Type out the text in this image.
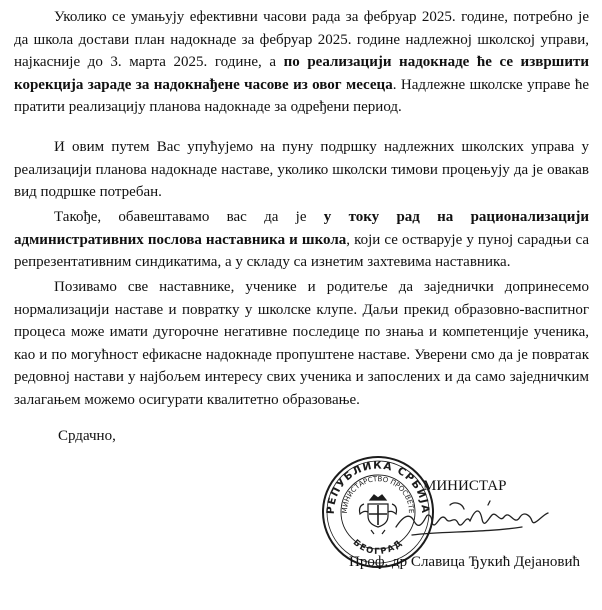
Уколико се умањују ефективни часови рада за фебруар 2025. године, потребно је да школа достави план надокнаде за фебруар 2025. године надлежној школској управи, најкасније до 3. марта 2025. године, а по реализацији надокнаде ће се извршити корекција зараде за надокнађене часове из овог месеца. Надлежне школске управе ће пратити реализацију планова надокнаде за одређени период.

И овим путем Вас упућујемо на пуну подршку надлежних школских управа у реализацији планова надокнаде наставе, уколико школски тимови процењују да је овакав вид подршке потребан.

Такође, обавештавамо вас да је у току рад на рационализацији административних послова наставника и школа, који се остварује у пуној сарадњи са репрезентативним синдикатима, а у складу са изнетим захтевима наставника.

Позивамо све наставнике, ученике и родитеље да заједнички допринесемо нормализацији наставе и повратку у школске клупе. Даљи прекид образовно-васпитног процеса може имати дугорочне негативне последице по знања и компетенције ученика, као и по могућност ефикасне надокнаде пропуштене наставе. Уверени смо да је повратак редовној настави у најбољем интересу свих ученика и запослених и да само заједничким залагањем можемо осигурати квалитетно образовање.

Срдачно,
РЕПУБЛИКА СРБИЈА
МИНИСТАРСТВО ПРОСВЕТЕ
БЕОГРАД
МИНИСТАР
Проф. др Славица Ђукић Дејановић
